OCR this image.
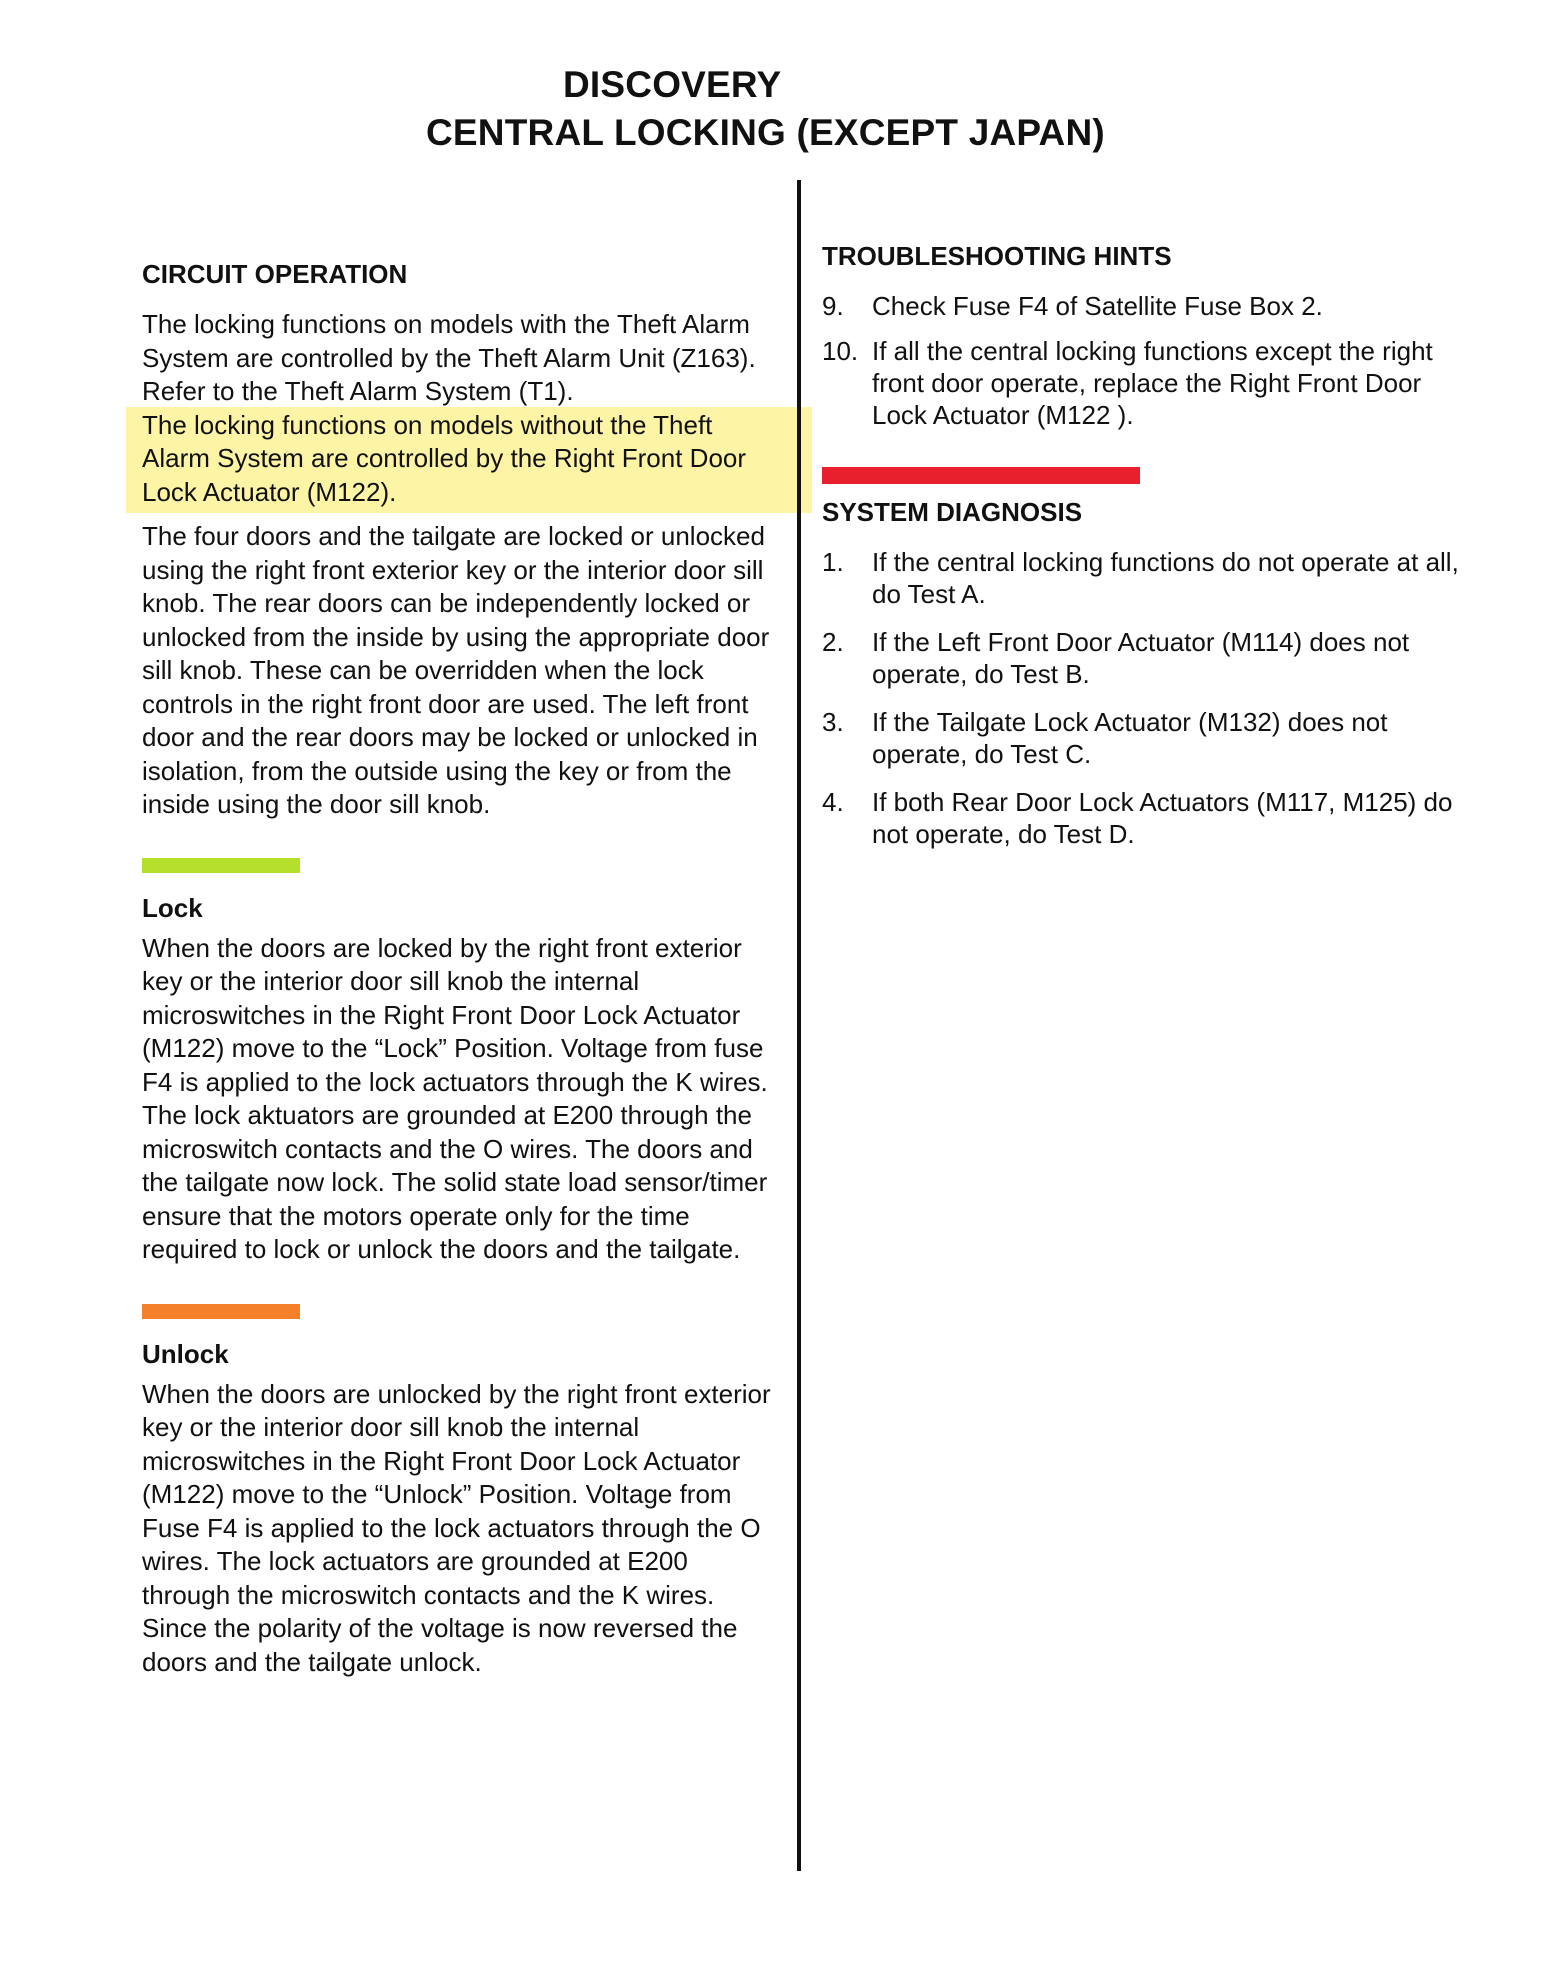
DISCOVERY
CENTRAL LOCKING (EXCEPT JAPAN)
CIRCUIT OPERATION

The locking functions on models with the Theft Alarm System are controlled by the Theft Alarm Unit (Z163). Refer to the Theft Alarm System (T1).

The locking functions on models without the Theft Alarm System are controlled by the Right Front Door Lock Actuator (M122).

The four doors and the tailgate are locked or unlocked using the right front exterior key or the interior door sill knob. The rear doors can be independently locked or unlocked from the inside by using the appropriate door sill knob. These can be overridden when the lock controls in the right front door are used. The left front door and the rear doors may be locked or unlocked in isolation, from the outside using the key or from the inside using the door sill knob.

Lock

When the doors are locked by the right front exterior key or the interior door sill knob the internal microswitches in the Right Front Door Lock Actuator (M122) move to the “Lock” Position. Voltage from fuse F4 is applied to the lock actuators through the K wires. The lock aktuators are grounded at E200 through the microswitch contacts and the O wires. The doors and the tailgate now lock. The solid state load sensor/timer ensure that the motors operate only for the time required to lock or unlock the doors and the tailgate.

Unlock

When the doors are unlocked by the right front exterior key or the interior door sill knob the internal microswitches in the Right Front Door Lock Actuator (M122) move to the “Unlock” Position. Voltage from Fuse F4 is applied to the lock actuators through the O wires. The lock actuators are grounded at E200 through the microswitch contacts and the K wires. Since the polarity of the voltage is now reversed the doors and the tailgate unlock.

TROUBLESHOOTING HINTS
9.	Check Fuse F4 of Satellite Fuse Box 2.
10. If all the central locking functions except the right front door operate, replace the Right Front Door Lock Actuator (M122 ).
SYSTEM DIAGNOSIS
1.	If the central locking functions do not operate at all, do Test A.
2.	If the Left Front Door Actuator (M114) does not operate, do Test B.
3.	If the Tailgate Lock Actuator (M132) does not operate, do Test C.
4.	If both Rear Door Lock Actuators (M117, M125) do not operate, do Test D.
